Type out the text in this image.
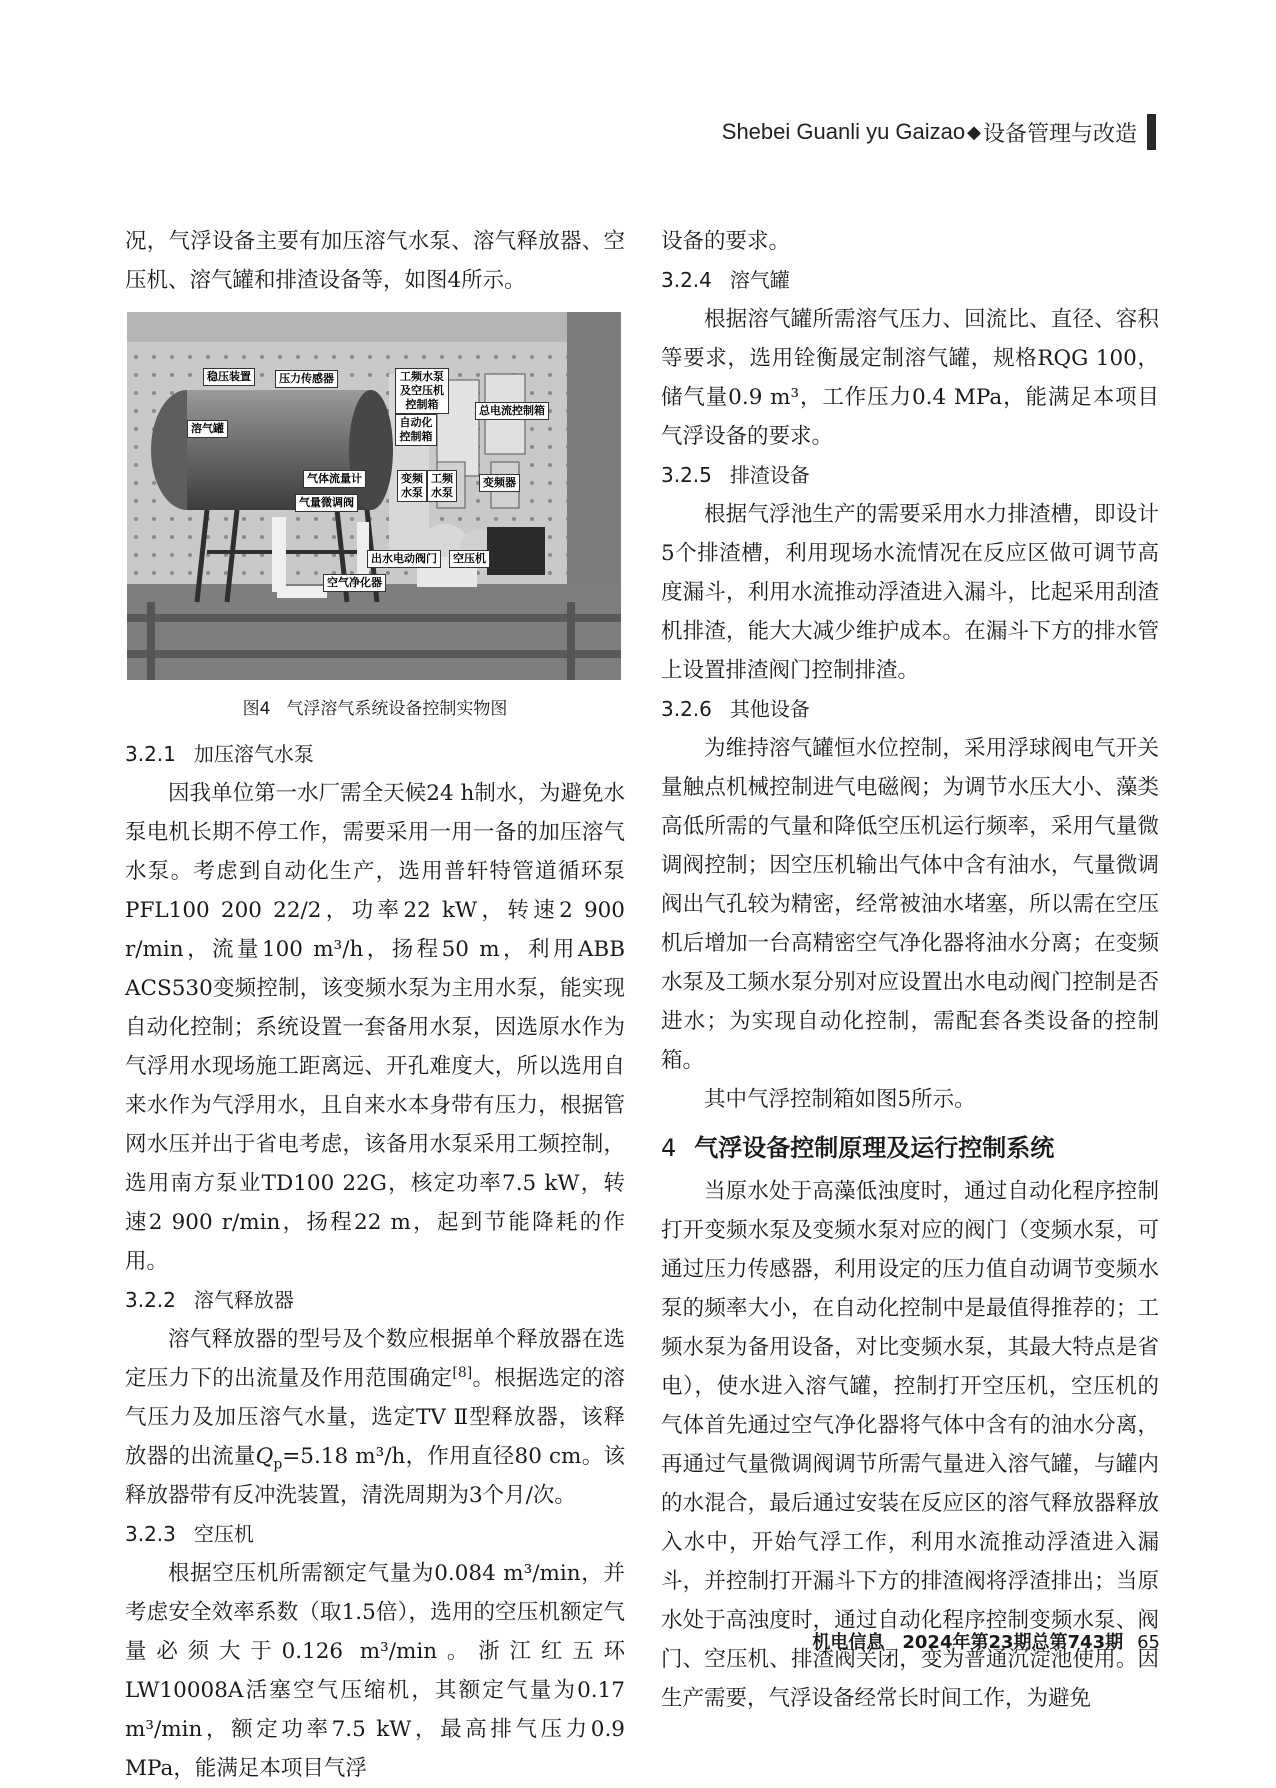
Shebei Guanli yu Gaizao ◆ 设备管理与改造

况，气浮设备主要有加压溶气水泵、溶气释放器、空压机、溶气罐和排渣设备等，如图4所示。

稳压装置	压力传感器	工频水泵及空压机控制箱	总电流控制箱
溶气罐	自动化控制箱
气体流量计	变频水泵
工频水泵
变频器
气量微调阀
出水电动阀门	空压机
空气净化器
图4 气浮溶气系统设备控制实物图
3.2.1 加压溶气水泵

因我单位第一水厂需全天候24 h制水，为避免水泵电机长期不停工作，需要采用一用一备的加压溶气水泵。考虑到自动化生产，选用普轩特管道循环泵PFL100 200 22/2，功率22 kW，转速2 900 r/min，流量100 m³/h，扬程50 m，利用ABB ACS530变频控制，该变频水泵为主用水泵，能实现自动化控制；系统设置一套备用水泵，因选原水作为气浮用水现场施工距离远、开孔难度大，所以选用自来水作为气浮用水，且自来水本身带有压力，根据管网水压并出于省电考虑，该备用水泵采用工频控制，选用南方泵业TD100 22G，核定功率7.5 kW，转速2 900 r/min，扬程22 m，起到节能降耗的作用。

3.2.2 溶气释放器

溶气释放器的型号及个数应根据单个释放器在选定压力下的出流量及作用范围确定[8]。根据选定的溶气压力及加压溶气水量，选定TV Ⅱ型释放器，该释放器的出流量$Q_p=5.18$ m³/h，作用直径80 cm。该释放器带有反冲洗装置，清洗周期为3个月/次。

3.2.3 空压机

根据空压机所需额定气量为0.084 m³/min，并考虑安全效率系数（取1.5倍），选用的空压机额定气量必须大于0.126 m³/min。浙江红五环LW10008A活塞空气压缩机，其额定气量为0.17 m³/min，额定功率7.5 kW，最高排气压力0.9 MPa，能满足本项目气浮

设备的要求。

3.2.4 溶气罐

根据溶气罐所需溶气压力、回流比、直径、容积等要求，选用铨衡晟定制溶气罐，规格RQG 100，储气量0.9 m³，工作压力0.4 MPa，能满足本项目气浮设备的要求。

3.2.5 排渣设备

根据气浮池生产的需要采用水力排渣槽，即设计5个排渣槽，利用现场水流情况在反应区做可调节高度漏斗，利用水流推动浮渣进入漏斗，比起采用刮渣机排渣，能大大减少维护成本。在漏斗下方的排水管上设置排渣阀门控制排渣。

3.2.6 其他设备

为维持溶气罐恒水位控制，采用浮球阀电气开关量触点机械控制进气电磁阀；为调节水压大小、藻类高低所需的气量和降低空压机运行频率，采用气量微调阀控制；因空压机输出气体中含有油水，气量微调阀出气孔较为精密，经常被油水堵塞，所以需在空压机后增加一台高精密空气净化器将油水分离；在变频水泵及工频水泵分别对应设置出水电动阀门控制是否进水；为实现自动化控制，需配套各类设备的控制箱。

其中气浮控制箱如图5所示。

4 气浮设备控制原理及运行控制系统

当原水处于高藻低浊度时，通过自动化程序控制打开变频水泵及变频水泵对应的阀门（变频水泵，可通过压力传感器，利用设定的压力值自动调节变频水泵的频率大小，在自动化控制中是最值得推荐的；工频水泵为备用设备，对比变频水泵，其最大特点是省电），使水进入溶气罐，控制打开空压机，空压机的气体首先通过空气净化器将气体中含有的油水分离，再通过气量微调阀调节所需气量进入溶气罐，与罐内的水混合，最后通过安装在反应区的溶气释放器释放入水中，开始气浮工作，利用水流推动浮渣进入漏斗，并控制打开漏斗下方的排渣阀将浮渣排出；当原水处于高浊度时，通过自动化程序控制变频水泵、阀门、空压机、排渣阀关闭，变为普通沉淀池使用。因生产需要，气浮设备经常长时间工作，为避免

机电信息　2024年第23期总第743期 65
